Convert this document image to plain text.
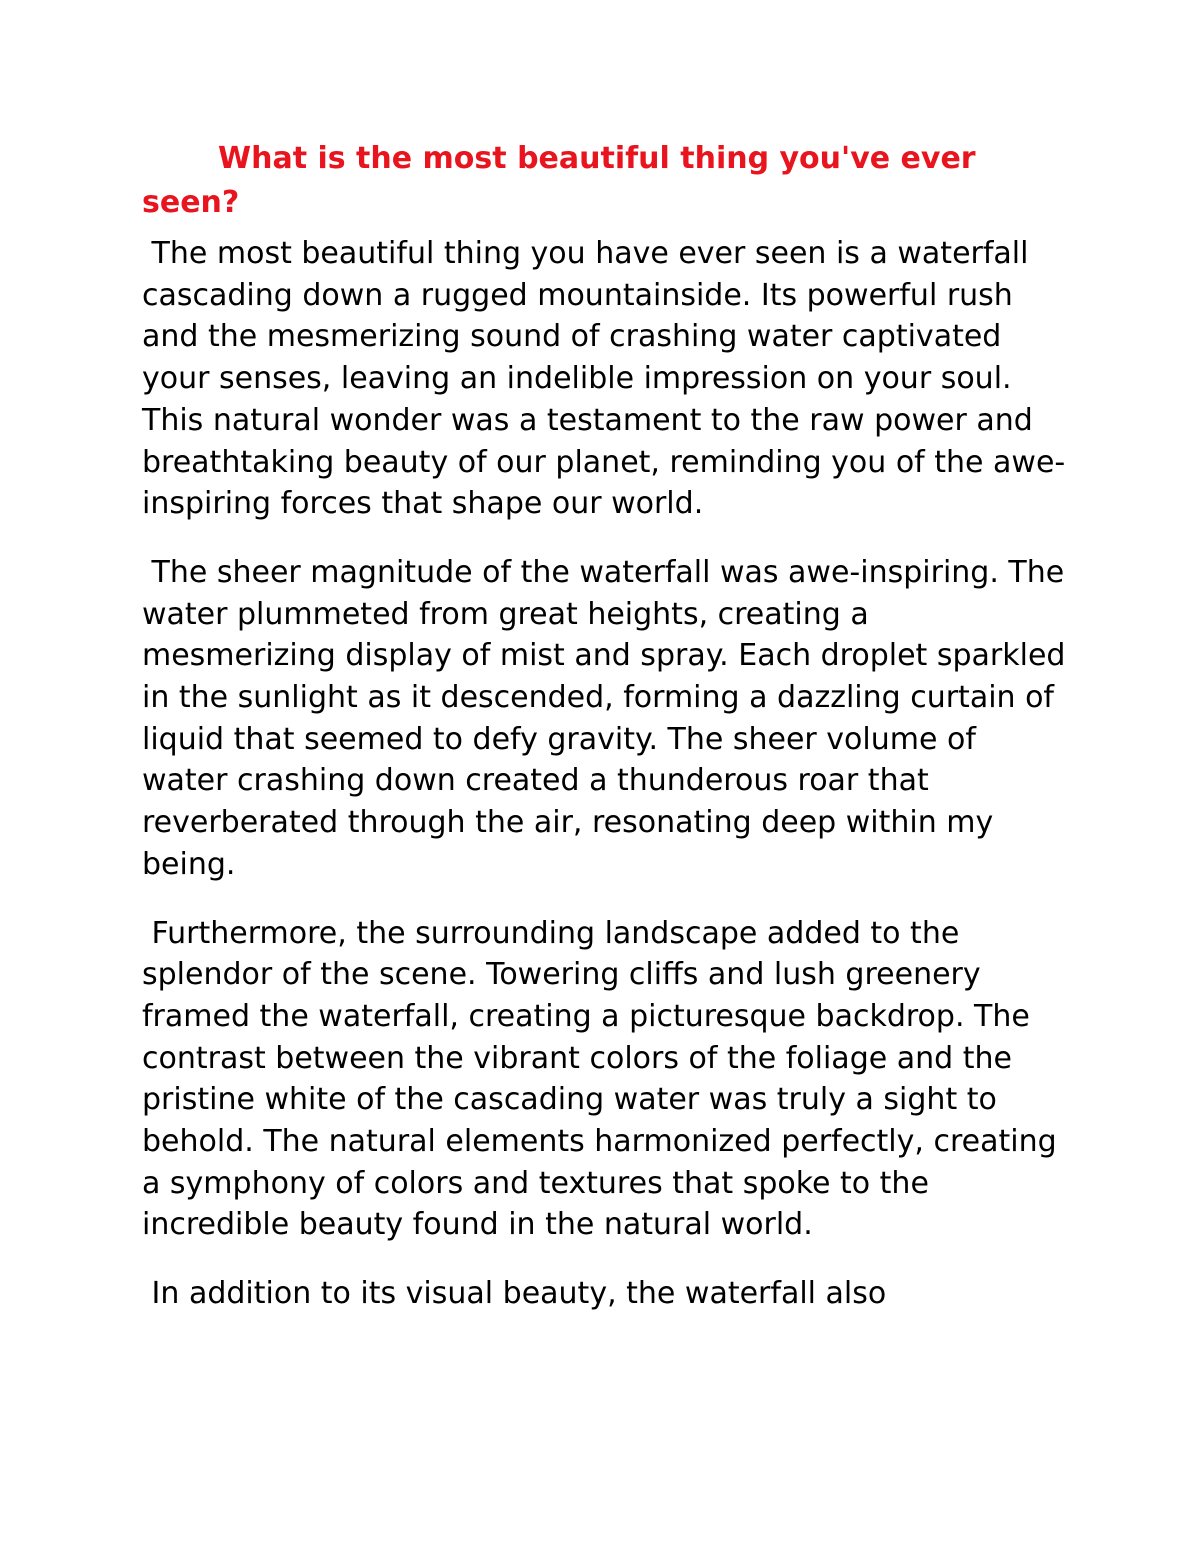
What is the most beautiful thing you've ever seen?

The most beautiful thing you have ever seen is a waterfall cascading down a rugged mountainside. Its powerful rush and the mesmerizing sound of crashing water captivated your senses, leaving an indelible impression on your soul. This natural wonder was a testament to the raw power and breathtaking beauty of our planet, reminding you of the awe-inspiring forces that shape our world.

The sheer magnitude of the waterfall was awe-inspiring. The water plummeted from great heights, creating a mesmerizing display of mist and spray. Each droplet sparkled in the sunlight as it descended, forming a dazzling curtain of liquid that seemed to defy gravity. The sheer volume of water crashing down created a thunderous roar that reverberated through the air, resonating deep within my being.

Furthermore, the surrounding landscape added to the splendor of the scene. Towering cliffs and lush greenery framed the waterfall, creating a picturesque backdrop. The contrast between the vibrant colors of the foliage and the pristine white of the cascading water was truly a sight to behold. The natural elements harmonized perfectly, creating a symphony of colors and textures that spoke to the incredible beauty found in the natural world.

In addition to its visual beauty, the waterfall also
